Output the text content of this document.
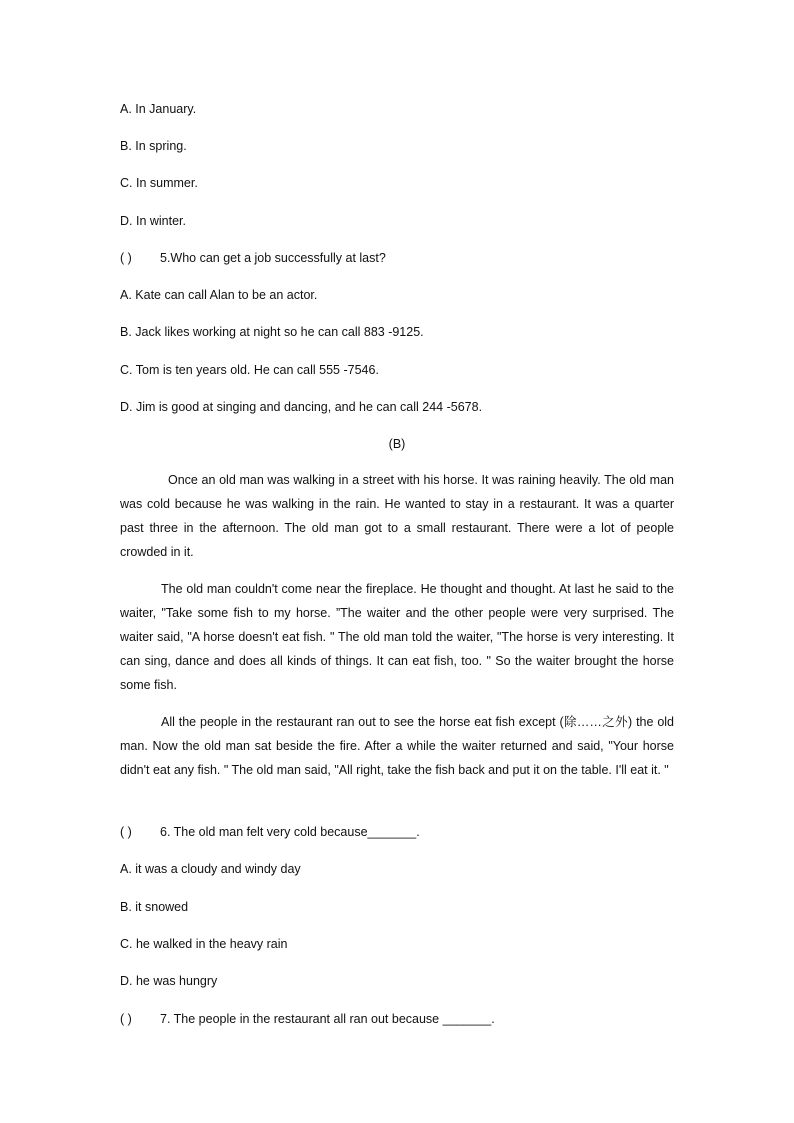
A. In January.
B. In spring.
C. In summer.
D. In winter.
( ) 5.Who can get a job successfully at last?
A. Kate can call Alan to be an actor.
B. Jack likes working at night so he can call 883 -9125.
C. Tom is ten years old. He can call 555 -7546.
D. Jim is good at singing and dancing, and he can call 244 -5678.
(B)
Once an old man was walking in a street with his horse. It was raining heavily. The old man was cold because he was walking in the rain. He wanted to stay in a restaurant. It was a quarter past three in the afternoon. The old man got to a small restaurant. There were a lot of people crowded in it.
The old man couldn't come near the fireplace. He thought and thought. At last he said to the waiter, "Take some fish to my horse. ”The waiter and the other people were very surprised. The waiter said, "A horse doesn't eat fish. " The old man told the waiter, "The horse is very interesting. It can sing, dance and does all kinds of things. It can eat fish, too. " So the waiter brought the horse some fish.
All the people in the restaurant ran out to see the horse eat fish except (除……之外) the old man. Now the old man sat beside the fire. After a while the waiter returned and said, "Your horse didn't eat any fish. " The old man said, "All right, take the fish back and put it on the table. I'll eat it. "
( ) 6. The old man felt very cold because_______.
A. it was a cloudy and windy day
B. it snowed
C. he walked in the heavy rain
D. he was hungry
( ) 7. The people in the restaurant all ran out because _______.
